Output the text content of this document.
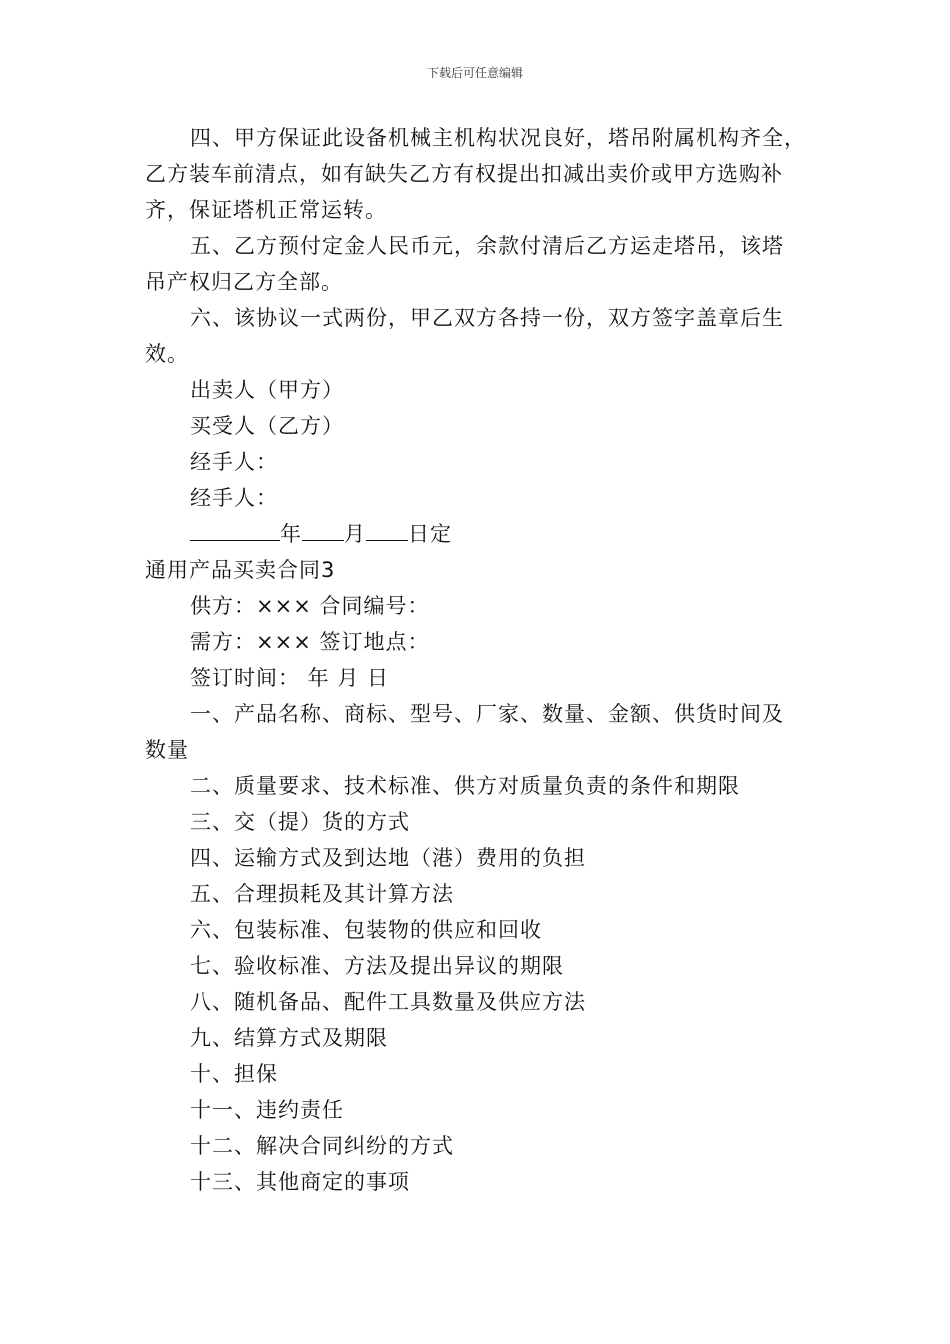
下载后可任意编辑
四、甲方保证此设备机械主机构状况良好，塔吊附属机构齐全，
乙方装车前清点，如有缺失乙方有权提出扣减出卖价或甲方选购补
齐，保证塔机正常运转。
五、乙方预付定金人民币元，余款付清后乙方运走塔吊，该塔
吊产权归乙方全部。
六、该协议一式两份，甲乙双方各持一份，双方签字盖章后生
效。
出卖人（甲方）
买受人（乙方）
经手人：
经手人：
年 月 日定
通用产品买卖合同3
供方：××× 合同编号：
需方：××× 签订地点：
签订时间： 年 月 日
一、产品名称、商标、型号、厂家、数量、金额、供货时间及
数量
二、质量要求、技术标准、供方对质量负责的条件和期限
三、交（提）货的方式
四、运输方式及到达地（港）费用的负担
五、合理损耗及其计算方法
六、包装标准、包装物的供应和回收
七、验收标准、方法及提出异议的期限
八、随机备品、配件工具数量及供应方法
九、结算方式及期限
十、担保
十一、违约责任
十二、解决合同纠纷的方式
十三、其他商定的事项
